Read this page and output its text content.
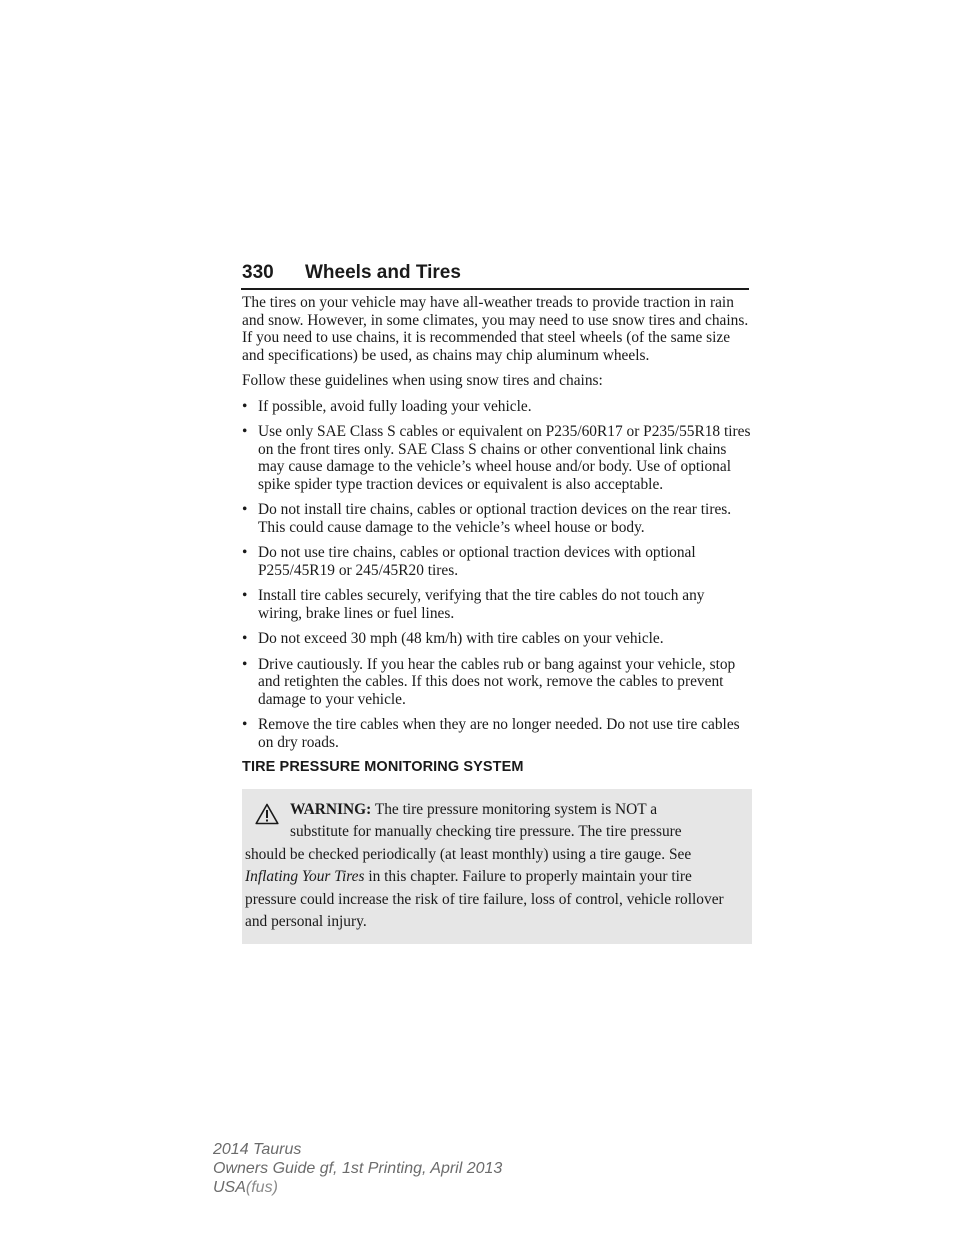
330 Wheels and Tires

The tires on your vehicle may have all-weather treads to provide traction in rain and snow. However, in some climates, you may need to use snow tires and chains. If you need to use chains, it is recommended that steel wheels (of the same size and specifications) be used, as chains may chip aluminum wheels.

Follow these guidelines when using snow tires and chains:

• If possible, avoid fully loading your vehicle.
• Use only SAE Class S cables or equivalent on P235/60R17 or P235/55R18 tires on the front tires only. SAE Class S chains or other conventional link chains may cause damage to the vehicle’s wheel house and/or body. Use of optional spike spider type traction devices or equivalent is also acceptable.
• Do not install tire chains, cables or optional traction devices on the rear tires. This could cause damage to the vehicle’s wheel house or body.
• Do not use tire chains, cables or optional traction devices with optional P255/45R19 or 245/45R20 tires.
• Install tire cables securely, verifying that the tire cables do not touch any wiring, brake lines or fuel lines.
• Do not exceed 30 mph (48 km/h) with tire cables on your vehicle.
• Drive cautiously. If you hear the cables rub or bang against your vehicle, stop and retighten the cables. If this does not work, remove the cables to prevent damage to your vehicle.
• Remove the tire cables when they are no longer needed. Do not use tire cables on dry roads.
TIRE PRESSURE MONITORING SYSTEM
WARNING: The tire pressure monitoring system is NOT a
substitute for manually checking tire pressure. The tire pressure
should be checked periodically (at least monthly) using a tire gauge. See Inflating Your Tires in this chapter. Failure to properly maintain your tire pressure could increase the risk of tire failure, loss of control, vehicle rollover and personal injury.
2014 Taurus
Owners Guide gf, 1st Printing, April 2013
USA(fus)
